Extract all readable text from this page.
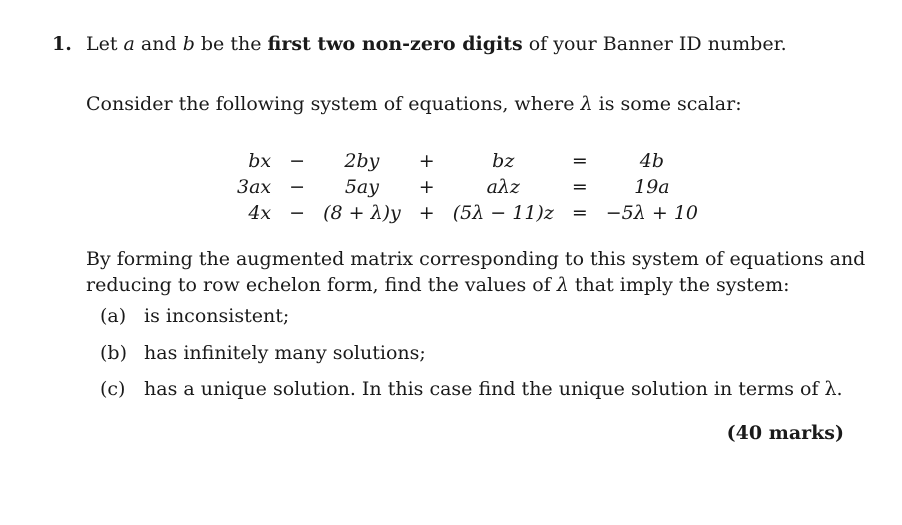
1. Let a and b be the first two non-zero digits of your Banner ID number.
Consider the following system of equations, where λ is some scalar:
bx	−	2by	+	bz	=	4b
3ax	−	5ay	+	aλz	=	19a
4x	−	(8 + λ)y	+	(5λ − 11)z	=	−5λ + 10
By forming the augmented matrix corresponding to this system of equations and reducing to row echelon form, find the values of λ that imply the system:
(a) is inconsistent;
(b) has infinitely many solutions;
(c) has a unique solution. In this case find the unique solution in terms of λ.
(40 marks)
